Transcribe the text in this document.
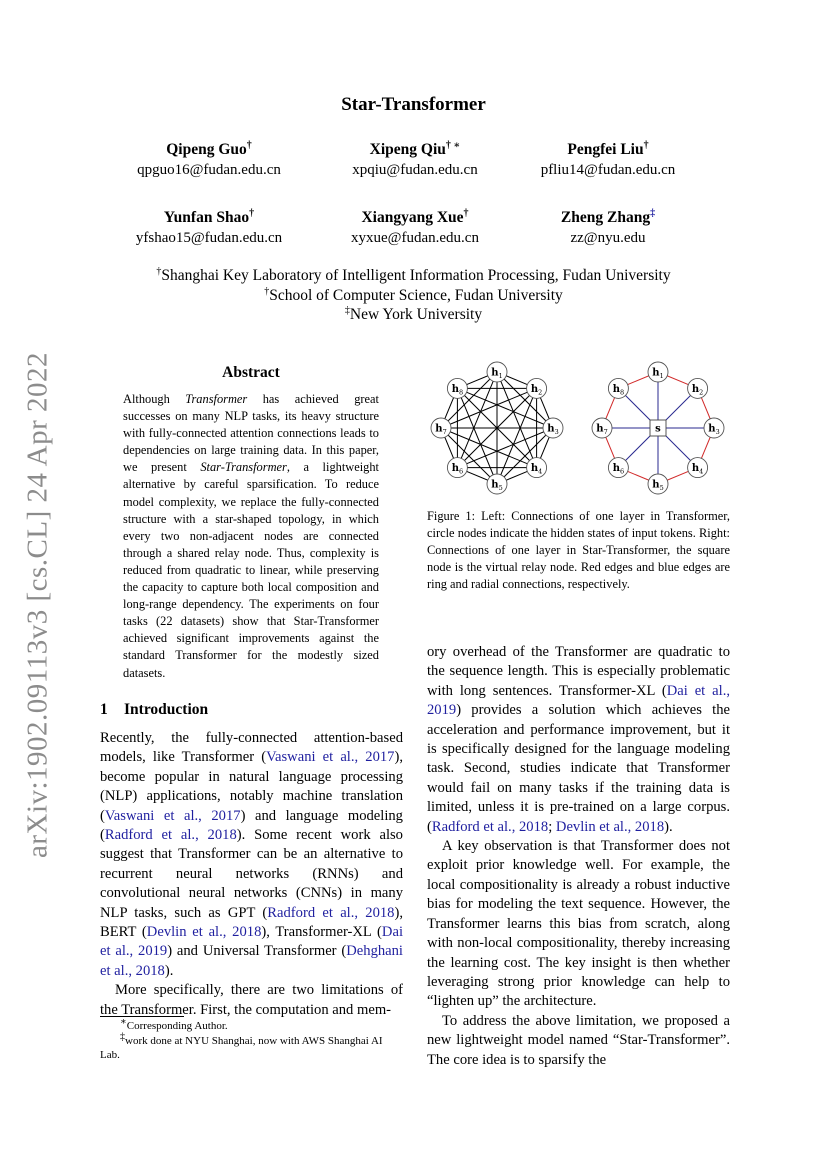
arXiv:1902.09113v3 [cs.CL] 24 Apr 2022
Star-Transformer
Qipeng Guo†
qpguo16@fudan.edu.cn
Xipeng Qiu† ∗
xpqiu@fudan.edu.cn
Pengfei Liu†
pfliu14@fudan.edu.cn
Yunfan Shao†
yfshao15@fudan.edu.cn
Xiangyang Xue†
xyxue@fudan.edu.cn
Zheng Zhang‡
zz@nyu.edu
†Shanghai Key Laboratory of Intelligent Information Processing, Fudan University
†School of Computer Science, Fudan University
‡New York University
Abstract
Although Transformer has achieved great successes on many NLP tasks, its heavy structure with fully-connected attention connections leads to dependencies on large training data. In this paper, we present Star-Transformer, a lightweight alternative by careful sparsification. To reduce model complexity, we replace the fully-connected structure with a star-shaped topology, in which every two non-adjacent nodes are connected through a shared relay node. Thus, complexity is reduced from quadratic to linear, while preserving the capacity to capture both local composition and long-range dependency. The experiments on four tasks (22 datasets) show that Star-Transformer achieved significant improvements against the standard Transformer for the modestly sized datasets.
1 Introduction

Recently, the fully-connected attention-based models, like Transformer (Vaswani et al., 2017), become popular in natural language processing (NLP) applications, notably machine translation (Vaswani et al., 2017) and language modeling (Radford et al., 2018). Some recent work also suggest that Transformer can be an alternative to recurrent neural networks (RNNs) and convolutional neural networks (CNNs) in many NLP tasks, such as GPT (Radford et al., 2018), BERT (Devlin et al., 2018), Transformer-XL (Dai et al., 2019) and Universal Transformer (Dehghani et al., 2018).

More specifically, there are two limitations of the Transformer. First, the computation and mem-

∗Corresponding Author.

‡work done at NYU Shanghai, now with AWS Shanghai AI Lab.

$h_1$
$h_2$
$h_3$
$h_4$
$h_5$
$h_6$
$h_7$
$h_8$
$h_1$
$h_2$
$h_3$
$h_4$
$h_5$
$h_6$
$h_7$
$h_8$
s
Figure 1: Left: Connections of one layer in Transformer, circle nodes indicate the hidden states of input tokens. Right: Connections of one layer in Star-Transformer, the square node is the virtual relay node. Red edges and blue edges are ring and radial connections, respectively.

ory overhead of the Transformer are quadratic to the sequence length. This is especially problematic with long sentences. Transformer-XL (Dai et al., 2019) provides a solution which achieves the acceleration and performance improvement, but it is specifically designed for the language modeling task. Second, studies indicate that Transformer would fail on many tasks if the training data is limited, unless it is pre-trained on a large corpus. (Radford et al., 2018; Devlin et al., 2018).

A key observation is that Transformer does not exploit prior knowledge well. For example, the local compositionality is already a robust inductive bias for modeling the text sequence. However, the Transformer learns this bias from scratch, along with non-local compositionality, thereby increasing the learning cost. The key insight is then whether leveraging strong prior knowledge can help to “lighten up” the architecture.

To address the above limitation, we proposed a new lightweight model named “Star-Transformer”. The core idea is to sparsify the
